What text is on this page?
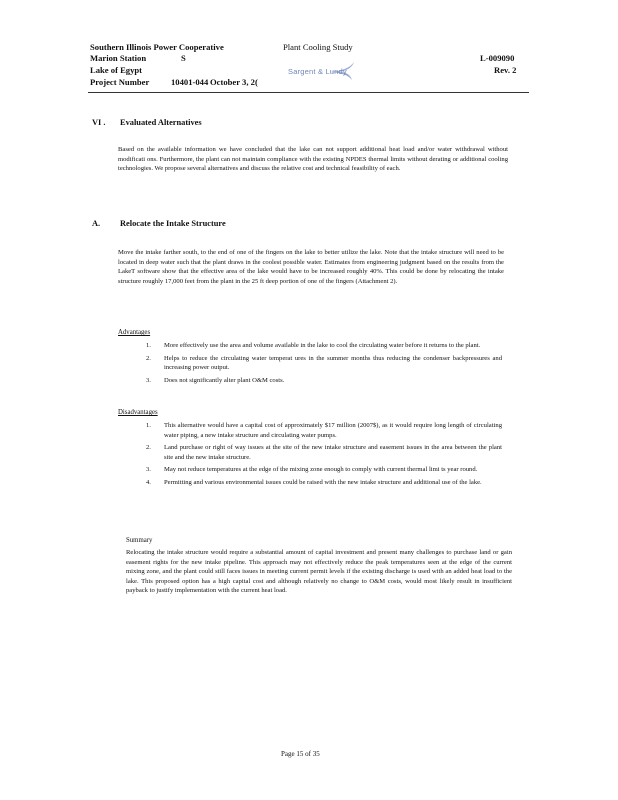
Southern Illinois Power Cooperative	Plant Cooling Study
Marion Station	S	L-009090
Lake of Egypt	Rev. 2
Project Number	10401-044 October 3, 2(
Sargent & Lundy
VI . Evaluated Alternatives
Based on the available information we have concluded that the lake can not support additional heat load and/or water withdrawal without modificati ons. Furthermore, the plant can not maintain compliance with the existing NPDES thermal limits without derating or additional cooling technologies. We propose several alternatives and discuss the relative cost and technical feasibility of each.
A. Relocate the Intake Structure
Move the intake farther south, to the end of one of the fingers on the lake to better utilize the lake. Note that the intake structure will need to be located in deep water such that the plant draws in the coolest possible water. Estimates from engineering judgment based on the results from the LakeT software show that the effective area of the lake would have to be increased roughly 40%. This could be done by relocating the intake structure roughly 17,000 feet from the plant in the 25 ft deep portion of one of the fingers (Attachment 2).
Advantages
1. More effectively use the area and volume available in the lake to cool the circulating water before it returns to the plant.
2. Helps to reduce the circulating water temperat ures in the summer months thus reducing the condenser backpressures and increasing power output.
3. Does not significantly alter plant O&M costs.
Disadvantages
1. This alternative would have a capital cost of approximately $17 million (2007$), as it would require long length of circulating water piping, a new intake structure and circulating water pumps.
2. Land purchase or right of way issues at the site of the new intake structure and easement issues in the area between the plant site and the new intake structure.
3. May not reduce temperatures at the edge of the mixing zone enough to comply with current thermal limi ts year round.
4. Permitting and various environmental issues could be raised with the new intake structure and additional use of the lake.
Summary
Relocating the intake structure would require a substantial amount of capital investment and present many challenges to purchase land or gain easement rights for the new intake pipeline. This approach may not effectively reduce the peak temperatures seen at the edge of the current mixing zone, and the plant could still faces issues in meeting current permit levels if the existing discharge is used with an added heat load to the lake. This proposed option has a high capital cost and although relatively no change to O&M costs, would most likely result in insufficient payback to justify implementation with the current heat load.
Page 15 of 35
